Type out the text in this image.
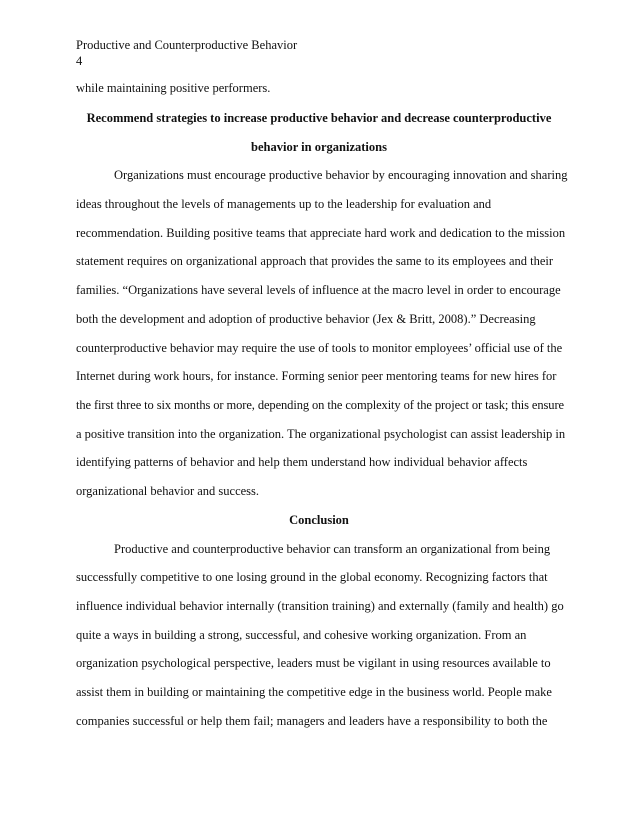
Productive and Counterproductive Behavior
4
while maintaining positive performers.
Recommend strategies to increase productive behavior and decrease counterproductive
behavior in organizations
Organizations must encourage productive behavior by encouraging innovation and sharing
ideas throughout the levels of managements up to the leadership for evaluation and
recommendation. Building positive teams that appreciate hard work and dedication to the mission
statement requires on organizational approach that provides the same to its employees and their
families. “Organizations have several levels of influence at the macro level in order to encourage
both the development and adoption of productive behavior (Jex & Britt, 2008).” Decreasing
counterproductive behavior may require the use of tools to monitor employees’ official use of the
Internet during work hours, for instance. Forming senior peer mentoring teams for new hires for
the first three to six months or more, depending on the complexity of the project or task; this ensure
a positive transition into the organization. The organizational psychologist can assist leadership in
identifying patterns of behavior and help them understand how individual behavior affects
organizational behavior and success.
Conclusion
Productive and counterproductive behavior can transform an organizational from being
successfully competitive to one losing ground in the global economy. Recognizing factors that
influence individual behavior internally (transition training) and externally (family and health) go
quite a ways in building a strong, successful, and cohesive working organization. From an
organization psychological perspective, leaders must be vigilant in using resources available to
assist them in building or maintaining the competitive edge in the business world. People make
companies successful or help them fail; managers and leaders have a responsibility to both the
